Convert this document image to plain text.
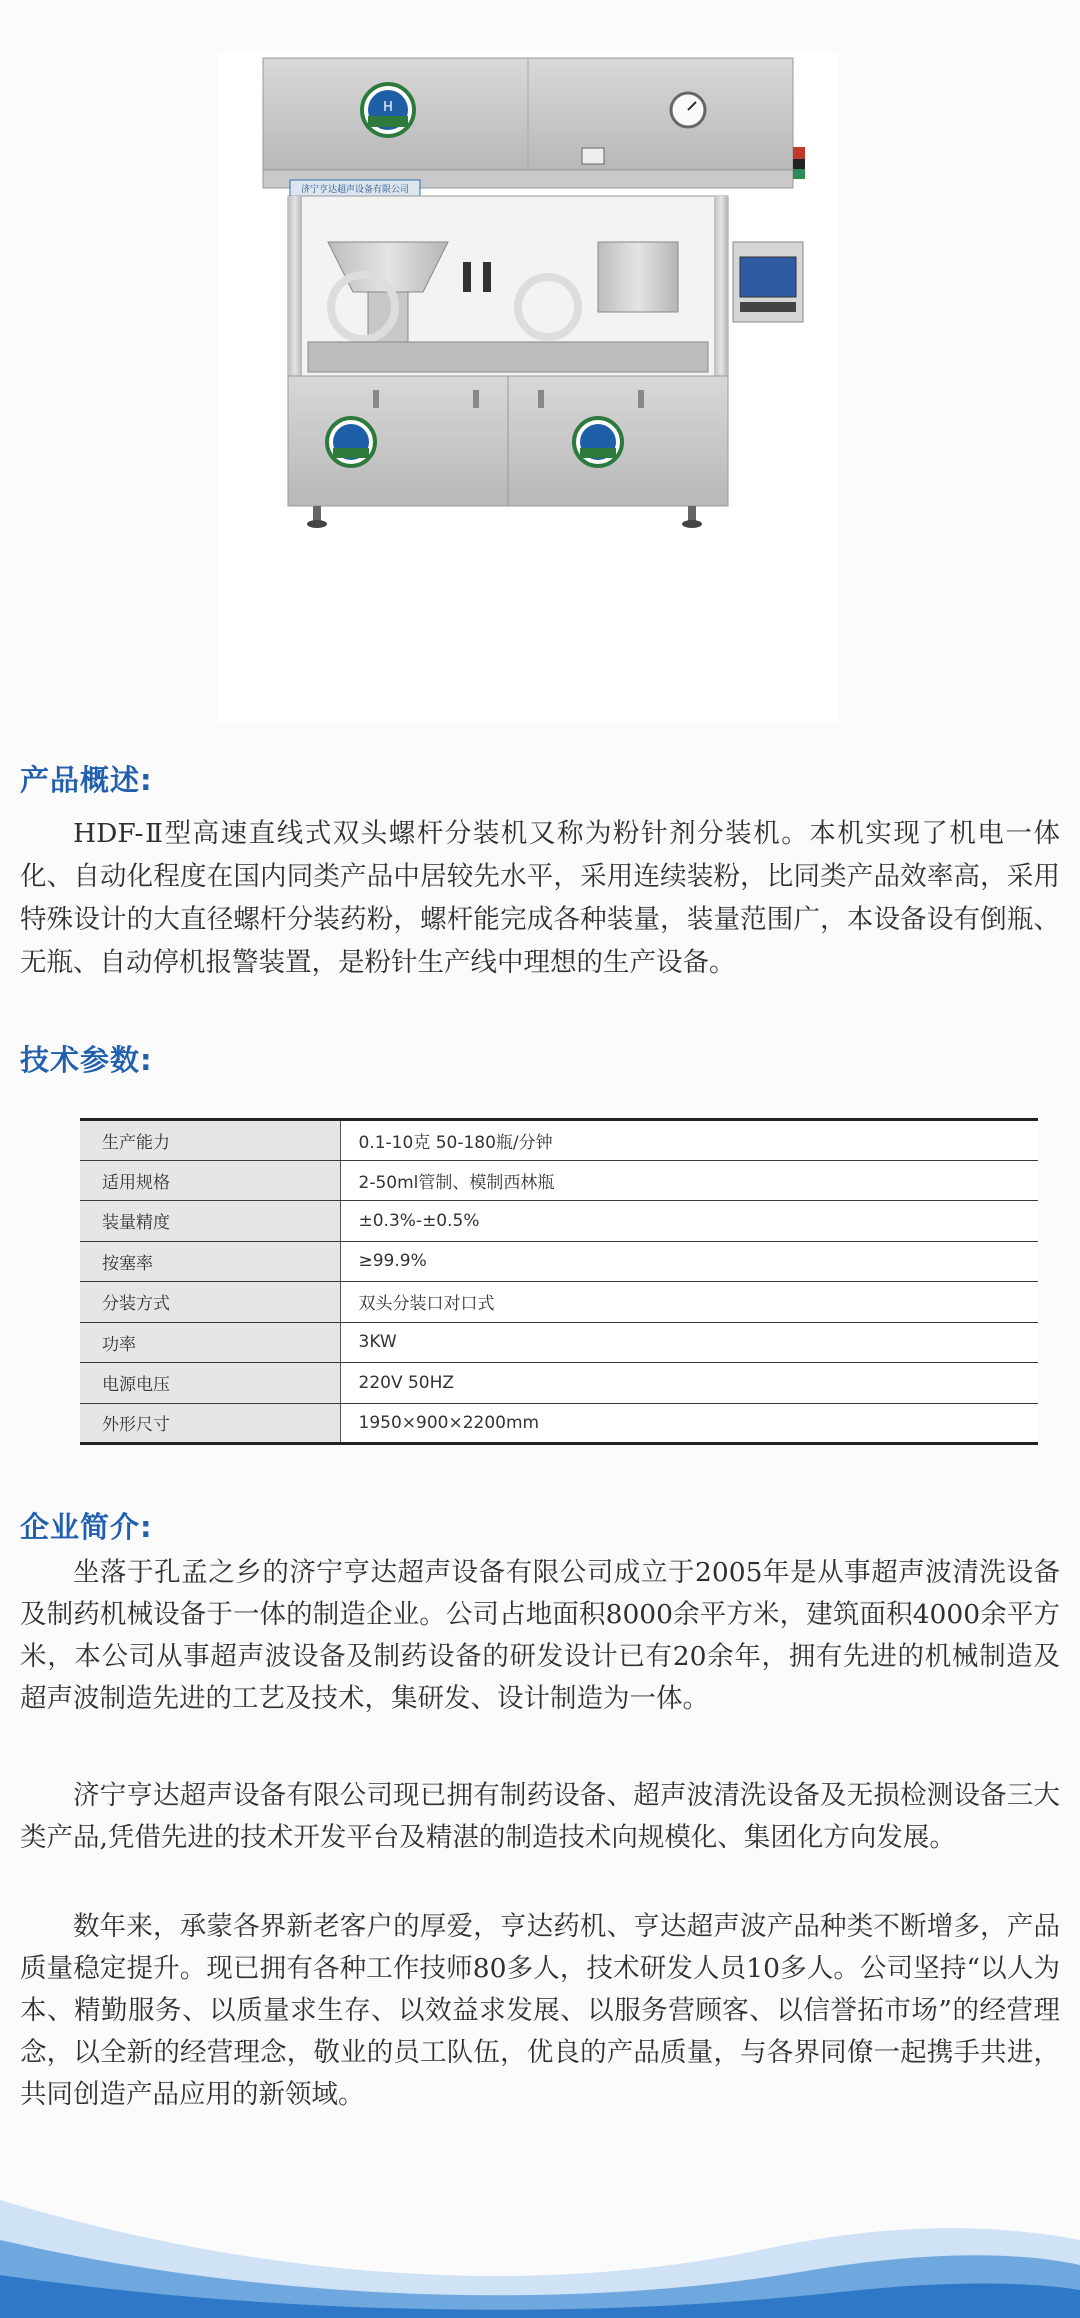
H
济宁亨达超声设备有限公司
产品概述:

HDF-Ⅱ型高速直线式双头螺杆分装机又称为粉针剂分装机。本机实现了机电一体化、自动化程度在国内同类产品中居较先水平，采用连续装粉，比同类产品效率高，采用特殊设计的大直径螺杆分装药粉，螺杆能完成各种装量，装量范围广，本设备设有倒瓶、无瓶、自动停机报警装置，是粉针生产线中理想的生产设备。

技术参数:
生产能力	0.1-10克 50-180瓶/分钟
适用规格	2-50ml管制、模制西林瓶
装量精度	±0.3%-±0.5%
按塞率	≥99.9%
分装方式	双头分装口对口式
功率	3KW
电源电压	220V 50HZ
外形尺寸	1950×900×2200mm
企业简介:

坐落于孔孟之乡的济宁亨达超声设备有限公司成立于2005年是从事超声波清洗设备及制药机械设备于一体的制造企业。公司占地面积8000余平方米，建筑面积4000余平方米，本公司从事超声波设备及制药设备的研发设计已有20余年，拥有先进的机械制造及超声波制造先进的工艺及技术，集研发、设计制造为一体。

济宁亨达超声设备有限公司现已拥有制药设备、超声波清洗设备及无损检测设备三大类产品,凭借先进的技术开发平台及精湛的制造技术向规模化、集团化方向发展。

数年来，承蒙各界新老客户的厚爱，亨达药机、亨达超声波产品种类不断增多，产品质量稳定提升。现已拥有各种工作技师80多人，技术研发人员10多人。公司坚持“以人为本、精勤服务、以质量求生存、以效益求发展、以服务营顾客、以信誉拓市场”的经营理念，以全新的经营理念，敬业的员工队伍，优良的产品质量，与各界同僚一起携手共进，共同创造产品应用的新领域。
